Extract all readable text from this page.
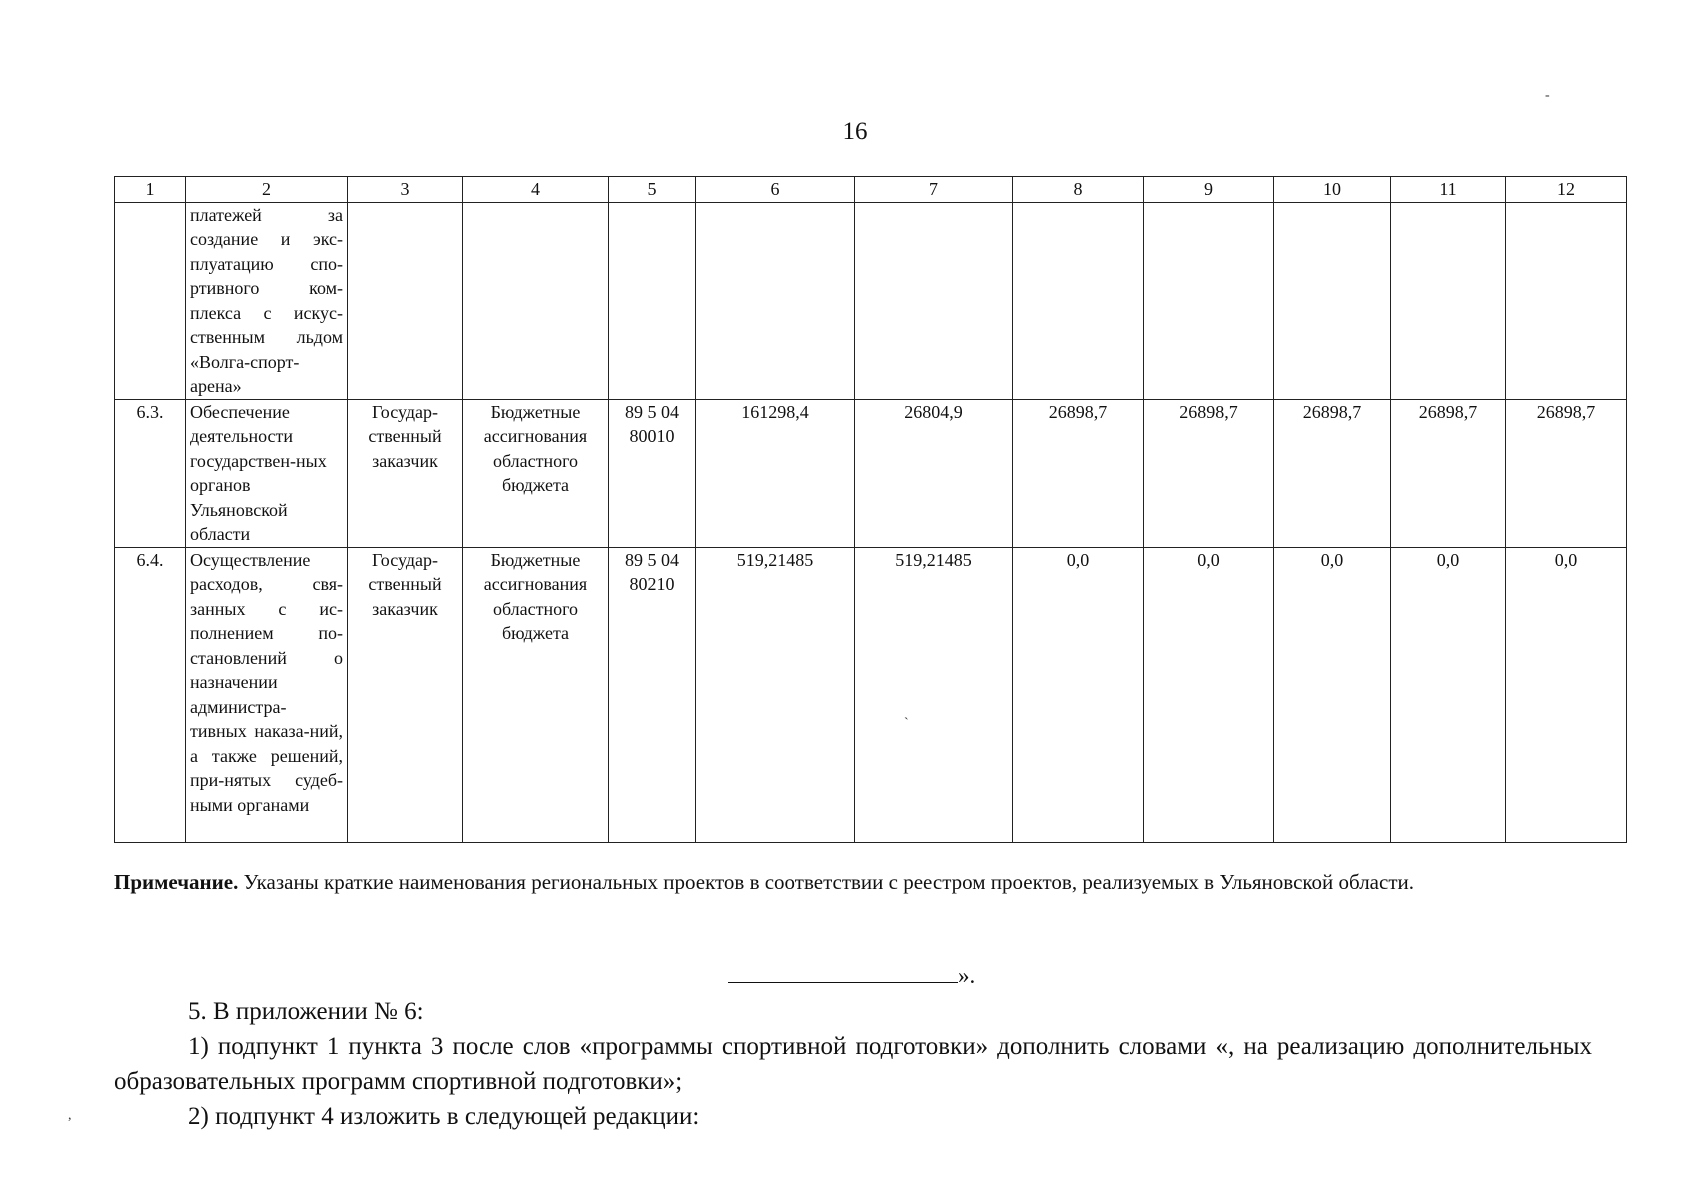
16
1	2	3	4	5	6	7	8	9	10	11	12
	платежей за создание и экс-плуатацию спо-ртивного ком-плекса с искус-ственным льдом «Волга-спорт-арена»										
6.3.	Обеспечение деятельности государствен-ных органов Ульяновской области	Государ-ственный заказчик	Бюджетные ассигнования областного бюджета	89 5 04 80010	161298,4	26804,9	26898,7	26898,7	26898,7	26898,7	26898,7
6.4.	Осуществление расходов, свя-занных с ис-полнением по-становлений о назначении администра-тивных наказа-ний, а также решений, при-нятых судеб-ными органами	Государ-ственный заказчик	Бюджетные ассигнования областного бюджета	89 5 04 80210	519,21485	519,21485	0,0	0,0	0,0	0,0	0,0
Примечание. Указаны краткие наименования региональных проектов в соответствии с реестром проектов, реализуемых в Ульяновской области.
».
5. В приложении № 6:
1) подпункт 1 пункта 3 после слов «программы спортивной подготовки» дополнить словами «, на реализацию дополнительных образовательных программ спортивной подготовки»;
2) подпункт 4 изложить в следующей редакции:
-
,
`
